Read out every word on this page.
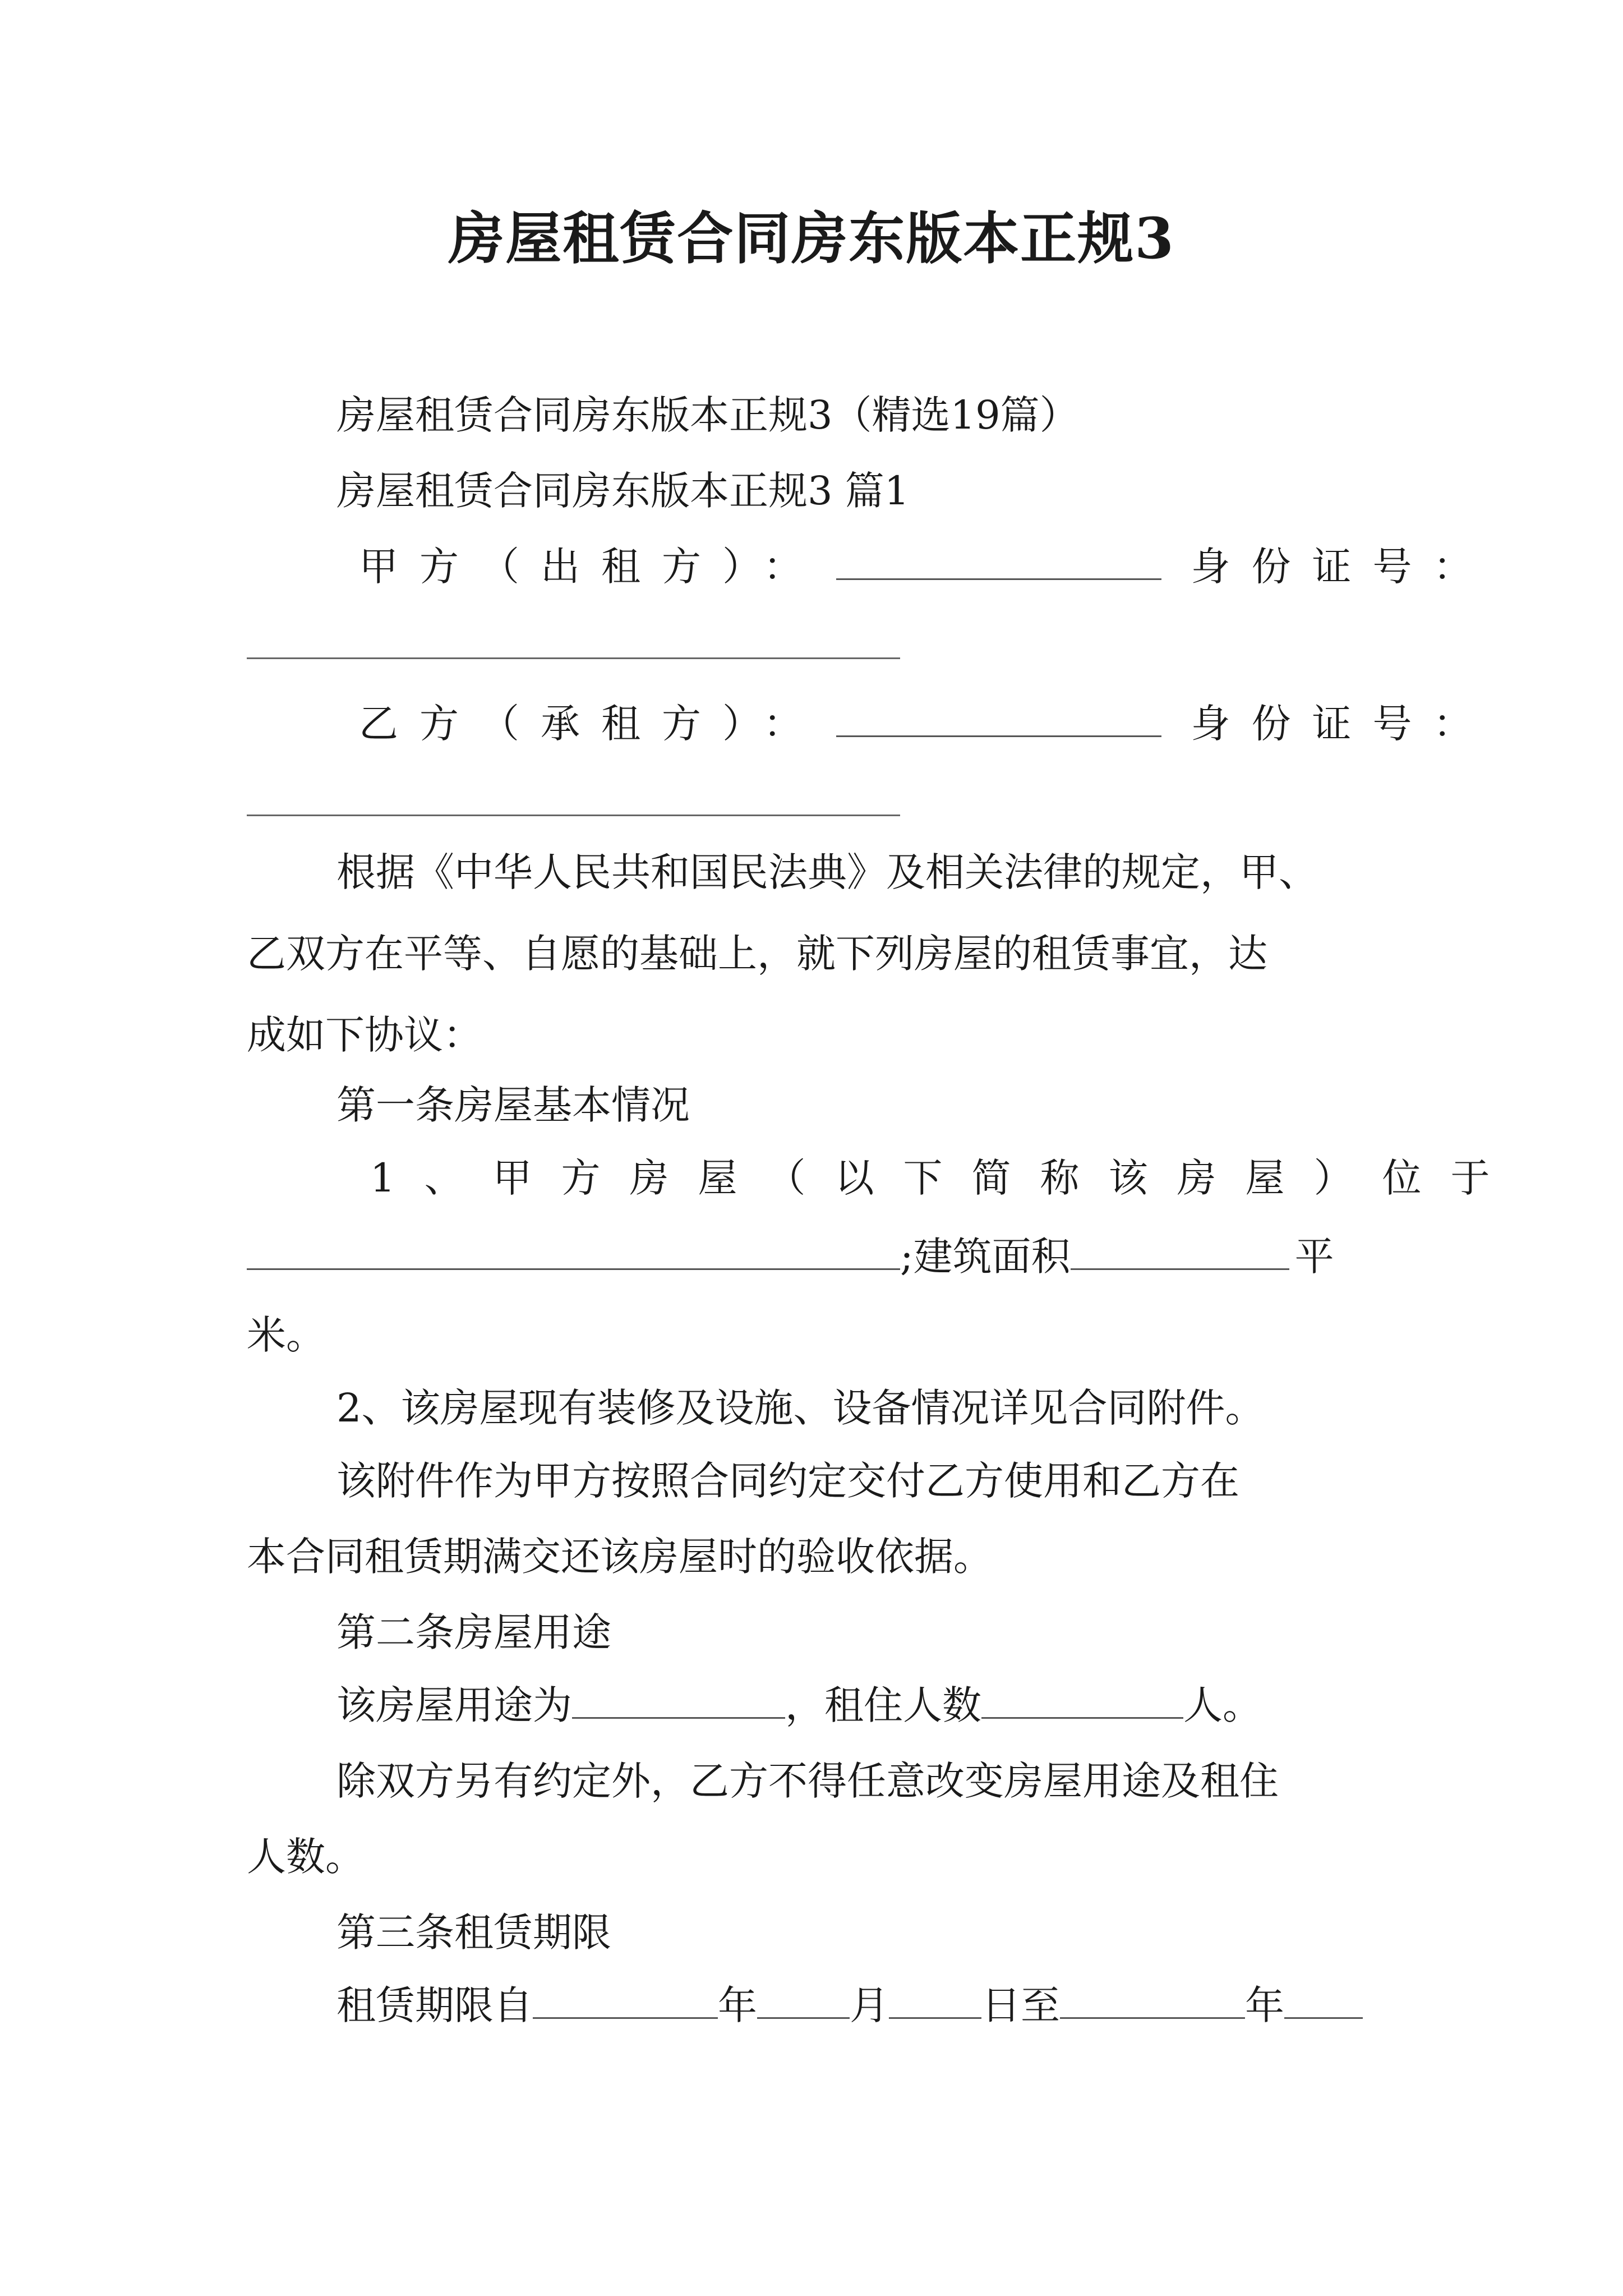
房屋租赁合同房东版本正规3
房屋租赁合同房东版本正规3（精选19篇）
房屋租赁合同房东版本正规3 篇1
甲方（出租方）：	身份证号：
乙方（承租方）：	身份证号：
根据《中华人民共和国民法典》及相关法律的规定，甲、
乙双方在平等、自愿的基础上，就下列房屋的租赁事宜，达
成如下协议：
第一条房屋基本情况
1、甲方房屋（以下简称该房屋）位于
;建筑面积	平
米。
2、该房屋现有装修及设施、设备情况详见合同附件。
该附件作为甲方按照合同约定交付乙方使用和乙方在
本合同租赁期满交还该房屋时的验收依据。
第二条房屋用途
该房屋用途为	，租住人数	人。
除双方另有约定外，乙方不得任意改变房屋用途及租住
人数。
第三条租赁期限
租赁期限自	年 月 日至	年
